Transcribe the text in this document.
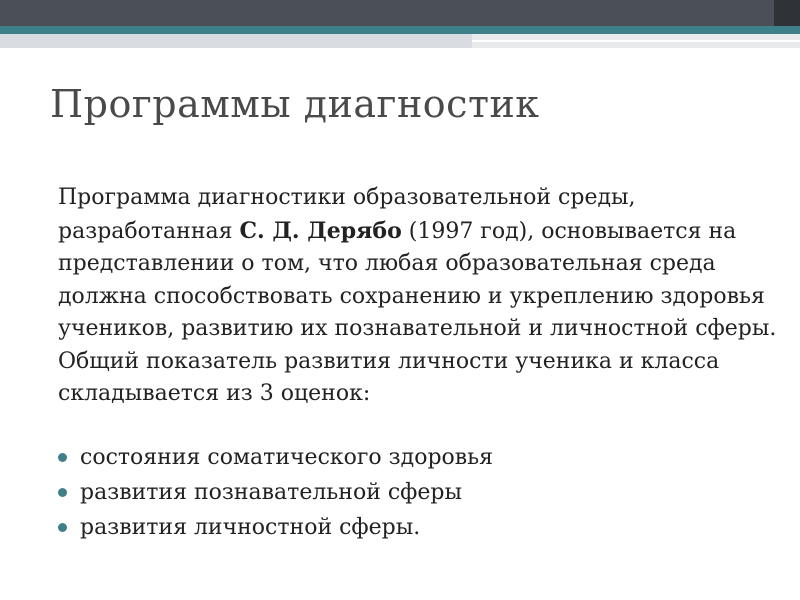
Программы диагностик
Программа диагностики образовательной среды, разработанная С. Д. Дерябо (1997 год), основывается на представлении о том, что любая образовательная среда должна способствовать сохранению и укреплению здоровья учеников, развитию их познавательной и личностной сферы. Общий показатель развития личности ученика и класса складывается из 3 оценок:
состояния соматического здоровья
развития познавательной сферы
развития личностной сферы.
